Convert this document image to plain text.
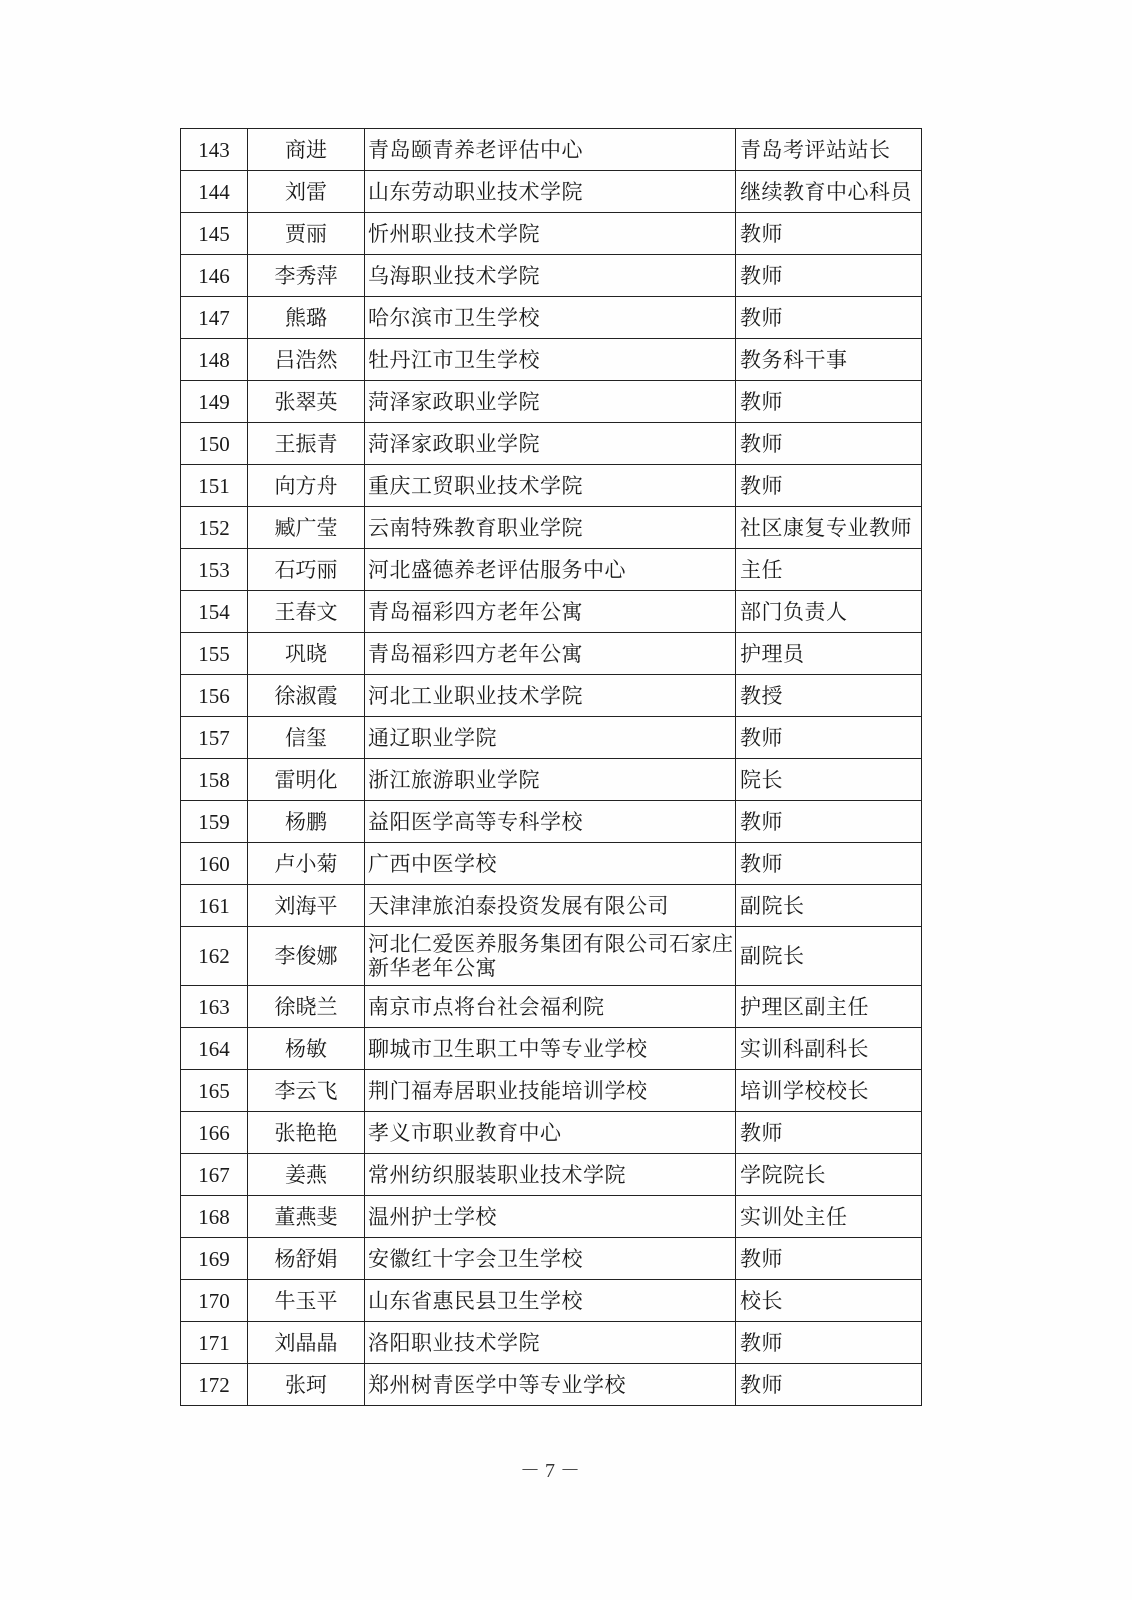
143	商进	青岛颐青养老评估中心	青岛考评站站长
144	刘雷	山东劳动职业技术学院	继续教育中心科员
145	贾丽	忻州职业技术学院	教师
146	李秀萍	乌海职业技术学院	教师
147	熊璐	哈尔滨市卫生学校	教师
148	吕浩然	牡丹江市卫生学校	教务科干事
149	张翠英	菏泽家政职业学院	教师
150	王振青	菏泽家政职业学院	教师
151	向方舟	重庆工贸职业技术学院	教师
152	臧广莹	云南特殊教育职业学院	社区康复专业教师
153	石巧丽	河北盛德养老评估服务中心	主任
154	王春文	青岛福彩四方老年公寓	部门负责人
155	巩晓	青岛福彩四方老年公寓	护理员
156	徐淑霞	河北工业职业技术学院	教授
157	信玺	通辽职业学院	教师
158	雷明化	浙江旅游职业学院	院长
159	杨鹏	益阳医学高等专科学校	教师
160	卢小菊	广西中医学校	教师
161	刘海平	天津津旅泊泰投资发展有限公司	副院长
162	李俊娜	河北仁爱医养服务集团有限公司石家庄新华老年公寓	副院长
163	徐晓兰	南京市点将台社会福利院	护理区副主任
164	杨敏	聊城市卫生职工中等专业学校	实训科副科长
165	李云飞	荆门福寿居职业技能培训学校	培训学校校长
166	张艳艳	孝义市职业教育中心	教师
167	姜燕	常州纺织服装职业技术学院	学院院长
168	董燕斐	温州护士学校	实训处主任
169	杨舒娟	安徽红十字会卫生学校	教师
170	牛玉平	山东省惠民县卫生学校	校长
171	刘晶晶	洛阳职业技术学院	教师
172	张珂	郑州树青医学中等专业学校	教师
－ 7 －
